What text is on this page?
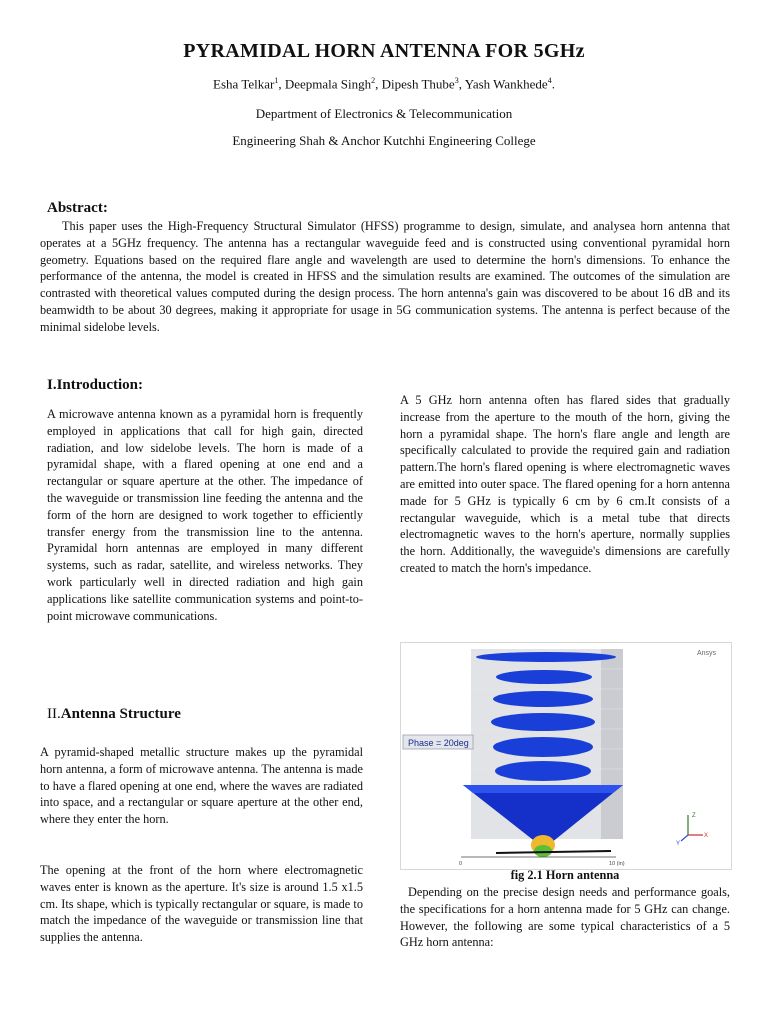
PYRAMIDAL HORN ANTENNA FOR 5GHz
Esha Telkar$^1$, Deepmala Singh$^2$, Dipesh Thube$^3$, Yash Wankhede$^4$.
Department of Electronics & Telecommunication
Engineering Shah & Anchor Kutchhi Engineering College
Abstract:
This paper uses the High-Frequency Structural Simulator (HFSS) programme to design, simulate, and analysea horn antenna that operates at a 5GHz frequency. The antenna has a rectangular waveguide feed and is constructed using conventional pyramidal horn geometry. Equations based on the required flare angle and wavelength are used to determine the horn's dimensions. To enhance the performance of the antenna, the model is created in HFSS and the simulation results are examined. The outcomes of the simulation are contrasted with theoretical values computed during the design process. The horn antenna's gain was discovered to be about 16 dB and its beamwidth to be about 30 degrees, making it appropriate for usage in 5G communication systems. The antenna is perfect because of the minimal sidelobe levels.
I.Introduction:
A microwave antenna known as a pyramidal horn is frequently employed in applications that call for high gain, directed radiation, and low sidelobe levels. The horn is made of a pyramidal shape, with a flared opening at one end and a rectangular or square aperture at the other. The impedance of the waveguide or transmission line feeding the antenna and the form of the horn are designed to work together to efficiently transfer energy from the transmission line to the antenna. Pyramidal horn antennas are employed in many different systems, such as radar, satellite, and wireless networks. They work particularly well in directed radiation and high gain applications like satellite communication systems and point-to-point microwave communications.
II.Antenna Structure
A pyramid-shaped metallic structure makes up the pyramidal horn antenna, a form of microwave antenna. The antenna is made to have a flared opening at one end, where the waves are radiated into space, and a rectangular or square aperture at the other end, where they enter the horn.
The opening at the front of the horn where electromagnetic waves enter is known as the aperture. It's size is around 1.5 x1.5 cm. Its shape, which is typically rectangular or square, is made to match the impedance of the waveguide or transmission line that supplies the antenna.
A 5 GHz horn antenna often has flared sides that gradually increase from the aperture to the mouth of the horn, giving the horn a pyramidal shape. The horn's flare angle and length are specifically calculated to provide the required gain and radiation pattern.The horn's flared opening is where electromagnetic waves are emitted into outer space. The flared opening for a horn antenna made for 5 GHz is typically 6 cm by 6 cm.It consists of a rectangular waveguide, which is a metal tube that directs electromagnetic waves to the horn's aperture, normally supplies the horn. Additionally, the waveguide's dimensions are carefully created to match the horn's impedance.
Phase = 20deg
Ansys
Z
X
Y
0	10 (in)
fig 2.1 Horn antenna
Depending on the precise design needs and performance goals, the specifications for a horn antenna made for 5 GHz can change. However, the following are some typical characteristics of a 5 GHz horn antenna:
